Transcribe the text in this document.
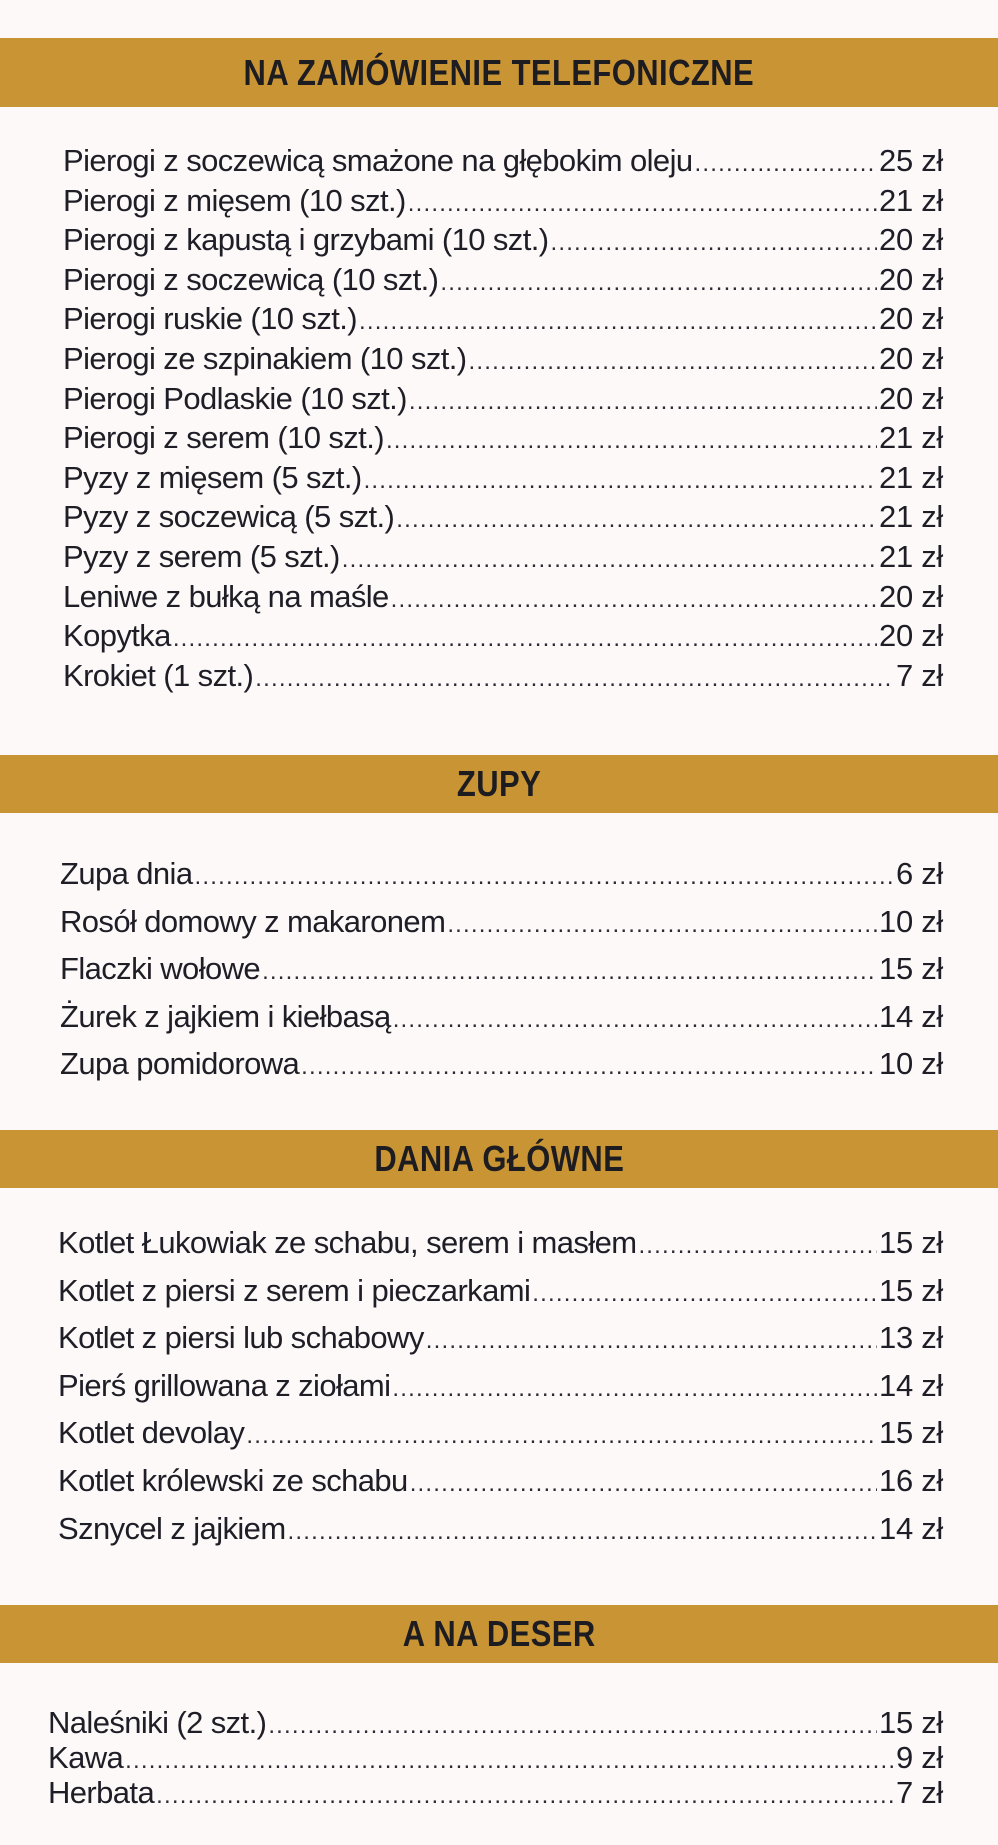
NA ZAMÓWIENIE TELEFONICZNE
Pierogi z soczewicą smażone na głębokim oleju .....	25 zł
Pierogi z mięsem (10 szt.) .....	21 zł
Pierogi z kapustą i grzybami (10 szt.) .....	20 zł
Pierogi z soczewicą (10 szt.) .....	20 zł
Pierogi ruskie (10 szt.) .....	20 zł
Pierogi ze szpinakiem (10 szt.) .....	20 zł
Pierogi Podlaskie (10 szt.) .....	20 zł
Pierogi z serem (10 szt.) .....	21 zł
Pyzy z mięsem (5 szt.) .....	21 zł
Pyzy z soczewicą (5 szt.) .....	21 zł
Pyzy z serem (5 szt.) .....	21 zł
Leniwe z bułką na maśle .....	20 zł
Kopytka .....	20 zł
Krokiet (1 szt.) .....	7 zł
ZUPY
Zupa dnia .....	6 zł
Rosół domowy z makaronem .....	10 zł
Flaczki wołowe .....	15 zł
Żurek z jajkiem i kiełbasą .....	14 zł
Zupa pomidorowa .....	10 zł
DANIA GŁÓWNE
Kotlet Łukowiak ze schabu, serem i masłem .....	15 zł
Kotlet z piersi z serem i pieczarkami .....	15 zł
Kotlet z piersi lub schabowy .....	13 zł
Pierś grillowana z ziołami .....	14 zł
Kotlet devolay .....	15 zł
Kotlet królewski ze schabu .....	16 zł
Sznycel z jajkiem .....	14 zł
A NA DESER
Naleśniki (2 szt.) .....	15 zł
Kawa .....	9 zł
Herbata .....	7 zł
